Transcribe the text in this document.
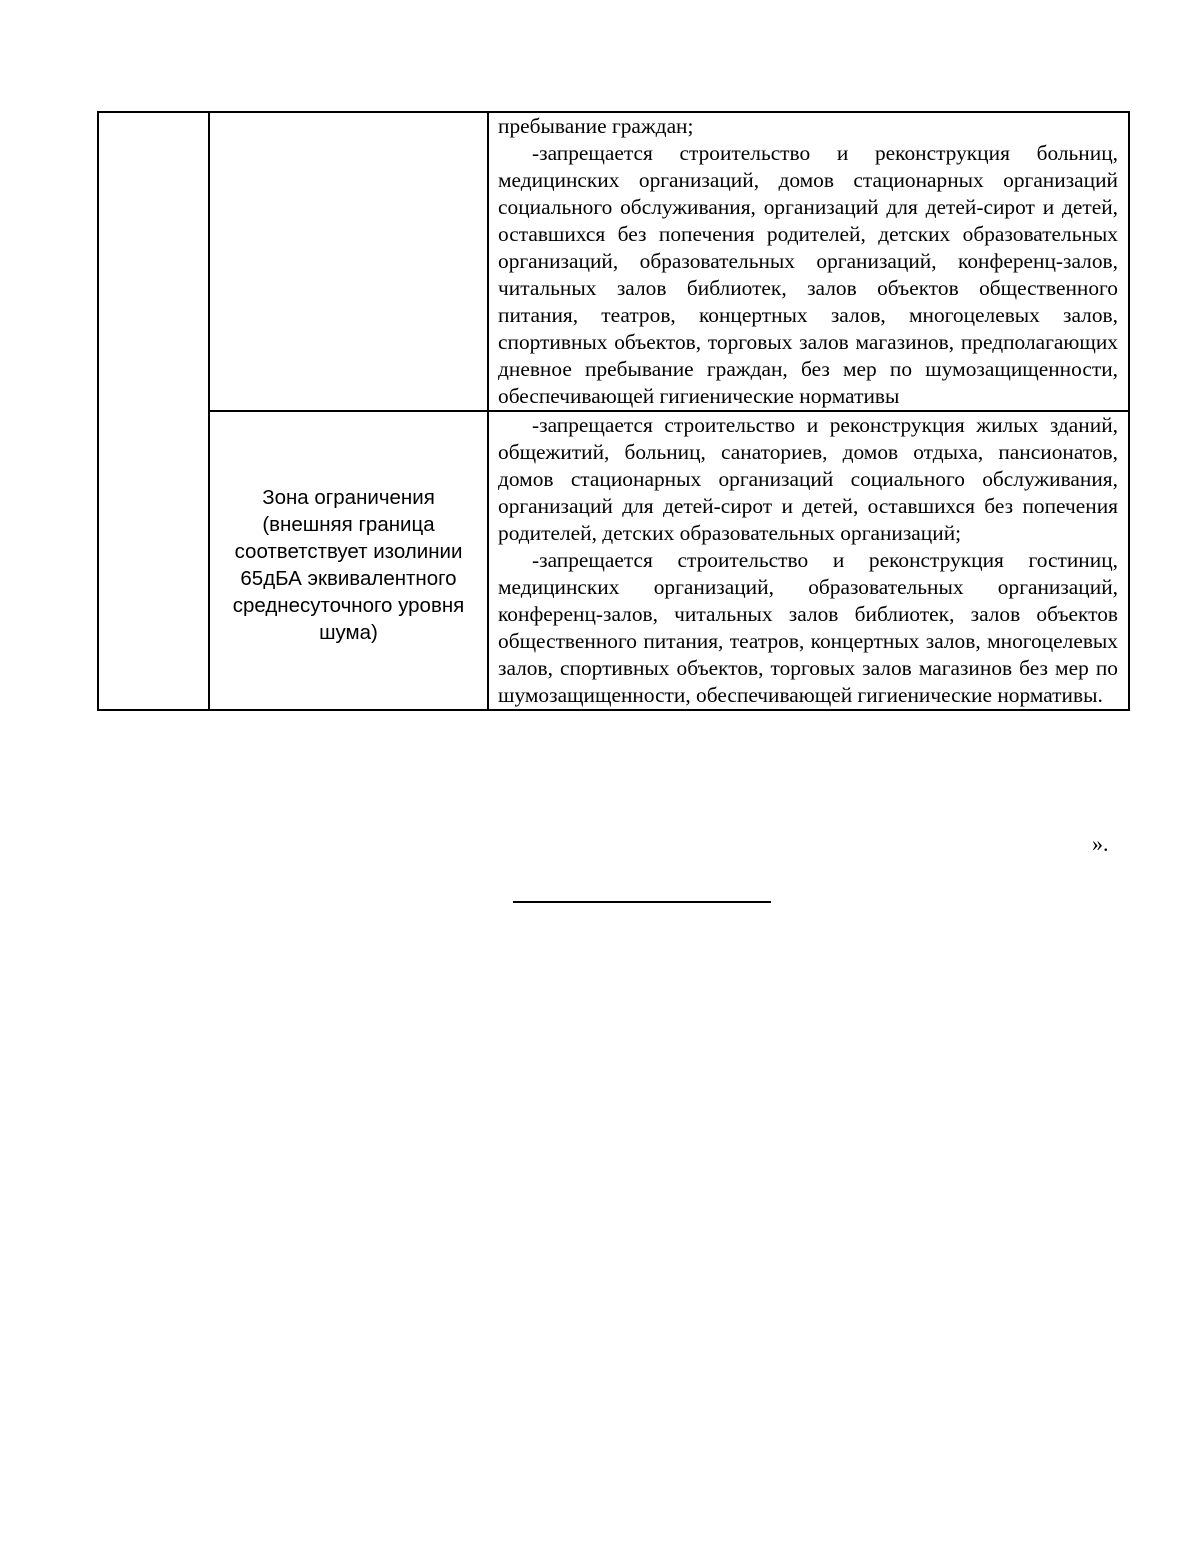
		пребывание граждан;

-запрещается строительство и реконструкция больниц, медицинских организаций, домов стационарных организаций социального обслуживания, организаций для детей-сирот и детей, оставшихся без попечения родителей, детских образовательных организаций, образовательных организаций, конференц-залов, читальных залов библиотек, залов объектов общественного питания, театров, концертных залов, многоцелевых залов, спортивных объектов, торговых залов магазинов, предполагающих дневное пребывание граждан, без мер по шумозащищенности, обеспечивающей гигиенические нормативы

	Зона ограничения (внешняя граница соответствует изолинии 65дБА эквивалентного среднесуточного уровня шума)	-запрещается строительство и реконструкция жилых зданий, общежитий, больниц, санаториев, домов отдыха, пансионатов, домов стационарных организаций социального обслуживания, организаций для детей-сирот и детей, оставшихся без попечения родителей, детских образовательных организаций;

-запрещается строительство и реконструкция гостиниц, медицинских организаций, образовательных организаций, конференц-залов, читальных залов библиотек, залов объектов общественного питания, театров, концертных залов, многоцелевых залов, спортивных объектов, торговых залов магазинов без мер по шумозащищенности, обеспечивающей гигиенические нормативы.

».
